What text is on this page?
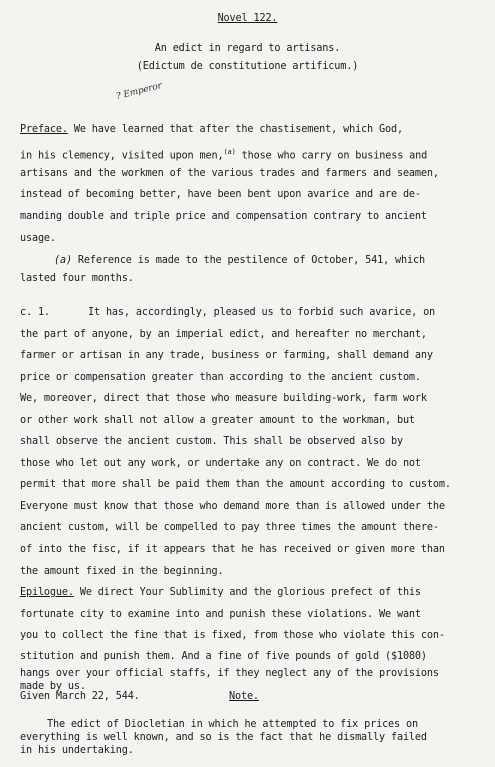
Novel 122.
An edict in regard to artisans.
(Edictum de constitutione artificum.)
? Emperor
Preface. We have learned that after the chastisement, which God,
in his clemency, visited upon men,$^{(a)}$ those who carry on business and
artisans and the workmen of the various trades and farmers and seamen,
instead of becoming better, have been bent upon avarice and are de-
manding double and triple price and compensation contrary to ancient
usage.
(a) Reference is made to the pestilence of October, 541, which
lasted four months.
c. 1.	It has, accordingly, pleased us to forbid such avarice, on
the part of anyone, by an imperial edict, and hereafter no merchant,
farmer or artisan in any trade, business or farming, shall demand any
price or compensation greater than according to the ancient custom.
We, moreover, direct that those who measure building-work, farm work
or other work shall not allow a greater amount to the workman, but
shall observe the ancient custom. This shall be observed also by
those who let out any work, or undertake any on contract. We do not
permit that more shall be paid them than the amount according to custom.
Everyone must know that those who demand more than is allowed under the
ancient custom, will be compelled to pay three times the amount there-
of into the fisc, if it appears that he has received or given more than
the amount fixed in the beginning.
Epilogue. We direct Your Sublimity and the glorious prefect of this
fortunate city to examine into and punish these violations. We want
you to collect the fine that is fixed, from those who violate this con-
stitution and punish them. And a fine of five pounds of gold ($1080)
hangs over your official staffs, if they neglect any of the provisions
made by us.
Given March 22, 544.	Note.
The edict of Diocletian in which he attempted to fix prices on
everything is well known, and so is the fact that he dismally failed
in his undertaking.
